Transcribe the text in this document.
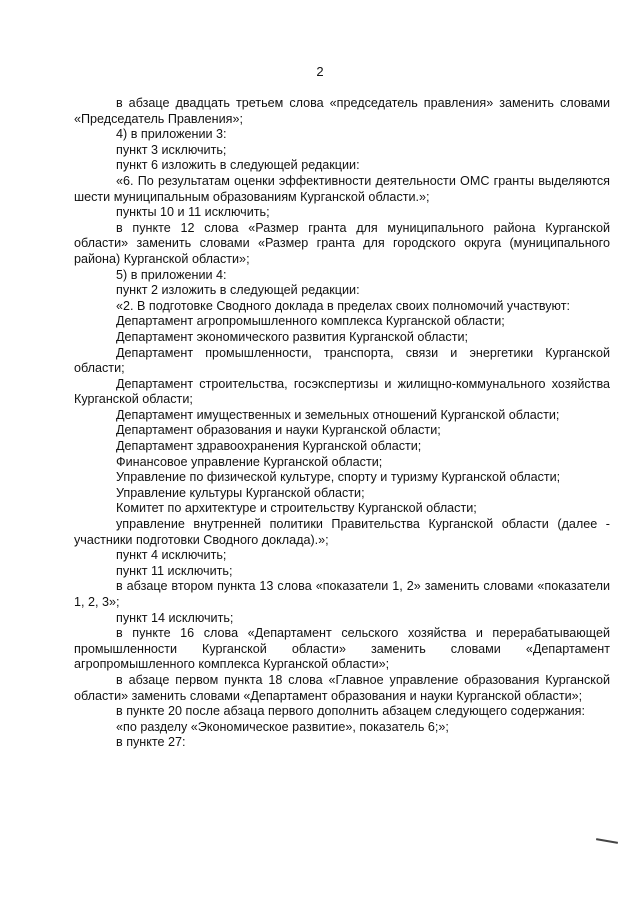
2

в абзаце двадцать третьем слова «председатель правления» заменить словами «Председатель Правления»;

4) в приложении 3:

пункт 3 исключить;

пункт 6 изложить в следующей редакции:

«6. По результатам оценки эффективности деятельности ОМС гранты выделяются шести муниципальным образованиям Курганской области.»;

пункты 10 и 11 исключить;

в пункте 12 слова «Размер гранта для муниципального района Курганской области» заменить словами «Размер гранта для городского округа (муниципального района) Курганской области»;

5) в приложении 4:

пункт 2 изложить в следующей редакции:

«2. В подготовке Сводного доклада в пределах своих полномочий участвуют:

Департамент агропромышленного комплекса Курганской области;

Департамент экономического развития Курганской области;

Департамент промышленности, транспорта, связи и энергетики Курганской области;

Департамент строительства, госэкспертизы и жилищно-коммунального хозяйства Курганской области;

Департамент имущественных и земельных отношений Курганской области;

Департамент образования и науки Курганской области;

Департамент здравоохранения Курганской области;

Финансовое управление Курганской области;

Управление по физической культуре, спорту и туризму Курганской области;

Управление культуры Курганской области;

Комитет по архитектуре и строительству Курганской области;

управление внутренней политики Правительства Курганской области (далее - участники подготовки Сводного доклада).»;

пункт 4 исключить;

пункт 11 исключить;

в абзаце втором пункта 13 слова «показатели 1, 2» заменить словами «показатели 1, 2, 3»;

пункт 14 исключить;

в пункте 16 слова «Департамент сельского хозяйства и перерабатывающей промышленности Курганской области» заменить словами «Департамент агропромышленного комплекса Курганской области»;

в абзаце первом пункта 18 слова «Главное управление образования Курганской области» заменить словами «Департамент образования и науки Курганской области»;

в пункте 20 после абзаца первого дополнить абзацем следующего содержания:

«по разделу «Экономическое развитие», показатель 6;»;

в пункте 27:
